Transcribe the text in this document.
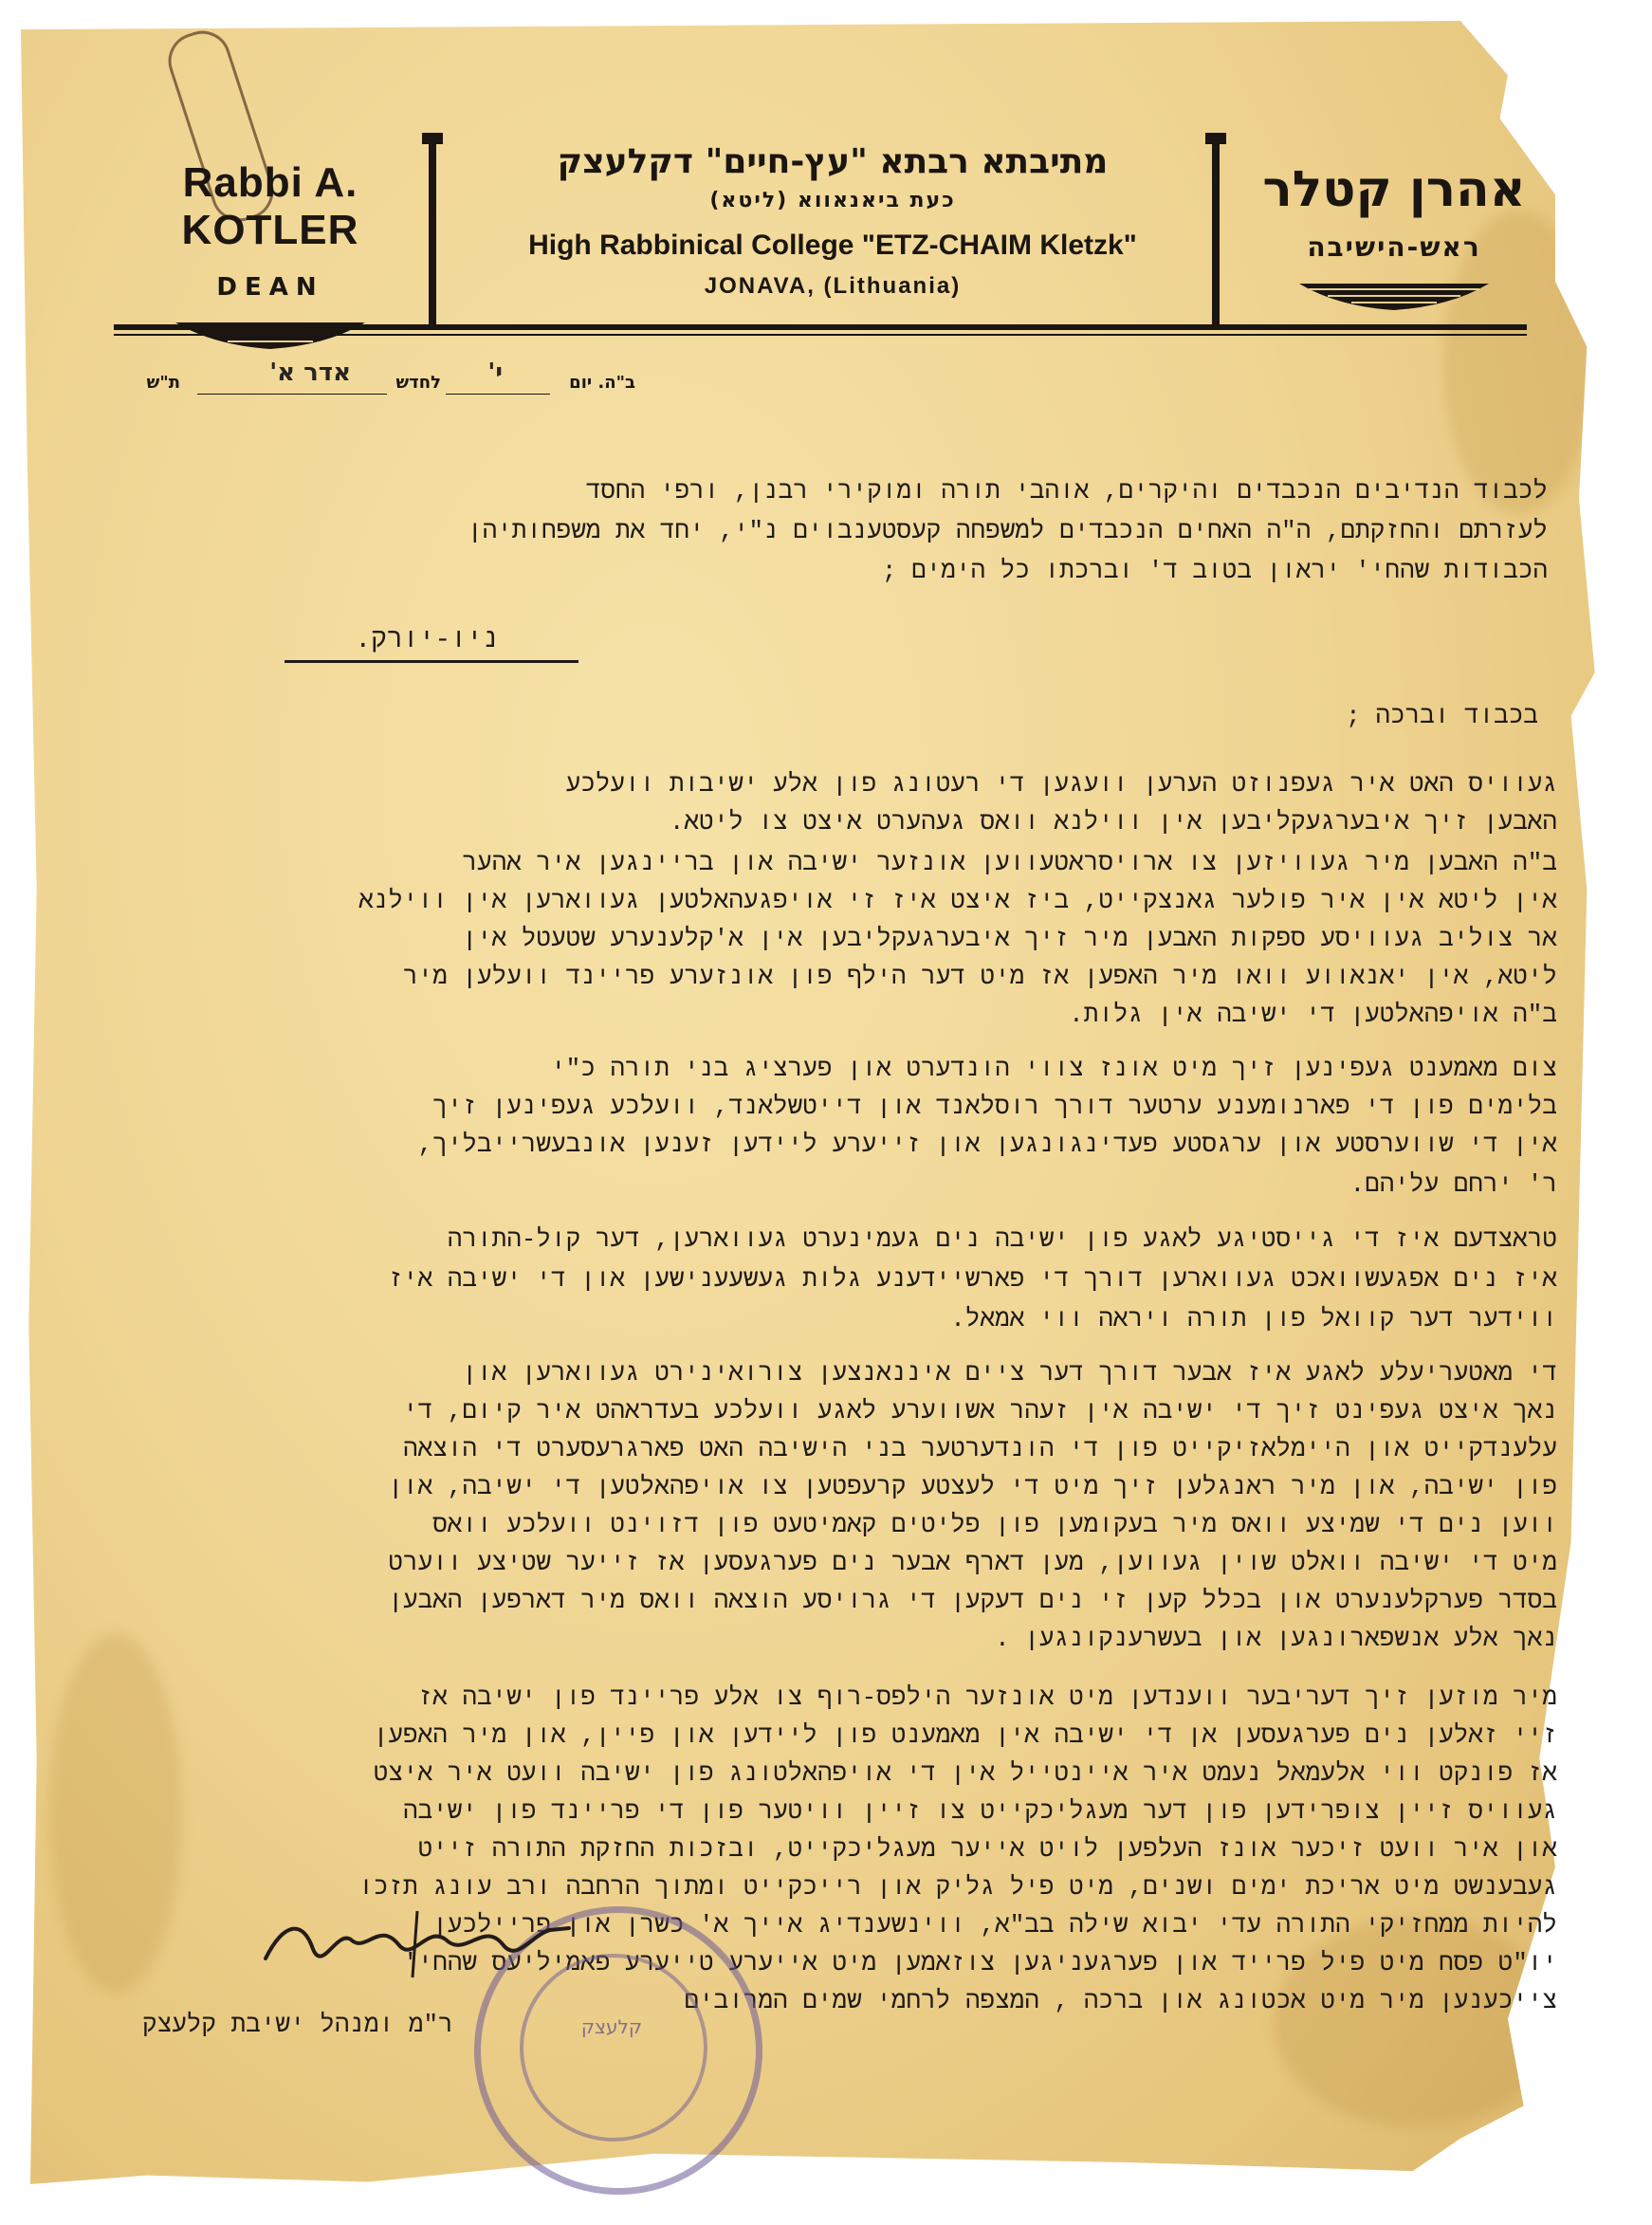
Rabbi A. KOTLER
DEAN
מתיבתא רבתא "עץ-חיים" דקלעצק
כעת ביאנאווא (ליטא)
High Rabbinical College "ETZ-CHAIM Kletzk"
JONAVA, (Lithuania)
אהרן קטלר
ראש-הישיבה
ב"ה. יום
י'
לחדש
אדר א'
ת"ש
לכבוד הנדיבים הנכבדים והיקרים, אוהבי תורה ומוקירי רבנן, ורפי החסד
לעזרתם והחזקתם, ה"ה האחים הנכבדים למשפחה קעסטענבוים נ"י, יחד את משפחותיהן
הכבודות שהחי' יראון בטוב ד' וברכתו כל הימים ;
ניו-יורק.
בכבוד וברכה ;
געוויס האט איר געפנוזט הערען וועגען די רעטונג פון אלע ישיבות וועלכע
האבען זיך איבערגעקליבען אין ווילנא וואס געהערט איצט צו ליטא.
ב"ה האבען מיר געוויזען צו ארויסראטעווען אונזער ישיבה און בריינגען איר אהער
אין ליטא אין איר פולער גאנצקייט, ביז איצט איז זי אויפגעהאלטען געווארען אין ווילנא
אר צוליב געוויסע ספקות האבען מיר זיך איבערגעקליבען אין א'קלענערע שטעטל אין
ליטא, אין יאנאווע וואו מיר האפען אז מיט דער הילף פון אונזערע פריינד וועלען מיר
ב"ה אויפהאלטען די ישיבה אין גלות.
צום מאמענט געפינען זיך מיט אונז צווי הונדערט און פערציג בני תורה כ"י
בלימים פון די פארנומענע ערטער דורך רוסלאנד און דייטשלאנד, וועלכע געפינען זיך
אין די שווערסטע און ערגסטע פעדינגונגען און זייערע ליידען זענען אונבעשרייבליך,
ר' ירחם עליהם.
טראצדעם איז די גייסטיגע לאגע פון ישיבה נים געמינערט געווארען, דער קול-התורה
איז נים אפגעשוואכט געווארען דורך די פארשיידענע גלות געשעענישען און די ישיבה איז
ווידער דער קוואל פון תורה ויראה ווי אמאל.
די מאטעריעלע לאגע איז אבער דורך דער ציים איננאנצען צורואינירט געווארען און
נאך איצט געפינט זיך די ישיבה אין זעהר אשווערע לאגע וועלכע בעדראהט איר קיום, די
עלענדקייט און היימלאזיקייט פון די הונדערטער בני הישיבה האט פארגרעסערט די הוצאה
פון ישיבה, און מיר ראנגלען זיך מיט די לעצטע קרעפטען צו אויפהאלטען די ישיבה, און
ווען נים די שמיצע וואס מיר בעקומען פון פליטים קאמיטעט פון דזוינט וועלכע וואס
מיט די ישיבה וואלט שוין געווען, מען דארף אבער נים פערגעסען אז זייער שטיצע ווערט
בסדר פערקלענערט און בכלל קען זי נים דעקען די גרויסע הוצאה וואס מיר דארפען האבען
נאך אלע אנשפארונגען און בעשרענקונגען .
מיר מוזען זיך דעריבער ווענדען מיט אונזער הילפס-רוף צו אלע פריינד פון ישיבה אז
זיי זאלען נים פערגעסען אן די ישיבה אין מאמענט פון ליידען און פיין, און מיר האפען
אז פונקט ווי אלעמאל נעמט איר איינטייל אין די אויפהאלטונג פון ישיבה וועט איר איצט
געוויס זיין צופרידען פון דער מעגליכקייט צו זיין וויטער פון די פריינד פון ישיבה
און איר וועט זיכער אונז העלפען לויט אייער מעגליכקייט, ובזכות החזקת התורה זייט
געבענשט מיט אריכת ימים ושנים, מיט פיל גליק און רייכקייט ומתוך הרחבה ורב עונג תזכו
להיות ממחזיקי התורה עדי יבוא שילה בב"א, ווינשענדיג אייך א' כשרן און פריילכען
יו"ט פסח מיט פיל פרייד און פערגעניגען צוזאמען מיט אייערע טייערע פאמיליעס שהחי'
צייכענען מיר מיט אכטונג און ברכה , המצפה לרחמי שמים המרובים
קלעצק
ר"מ ומנהל ישיבת קלעצק
